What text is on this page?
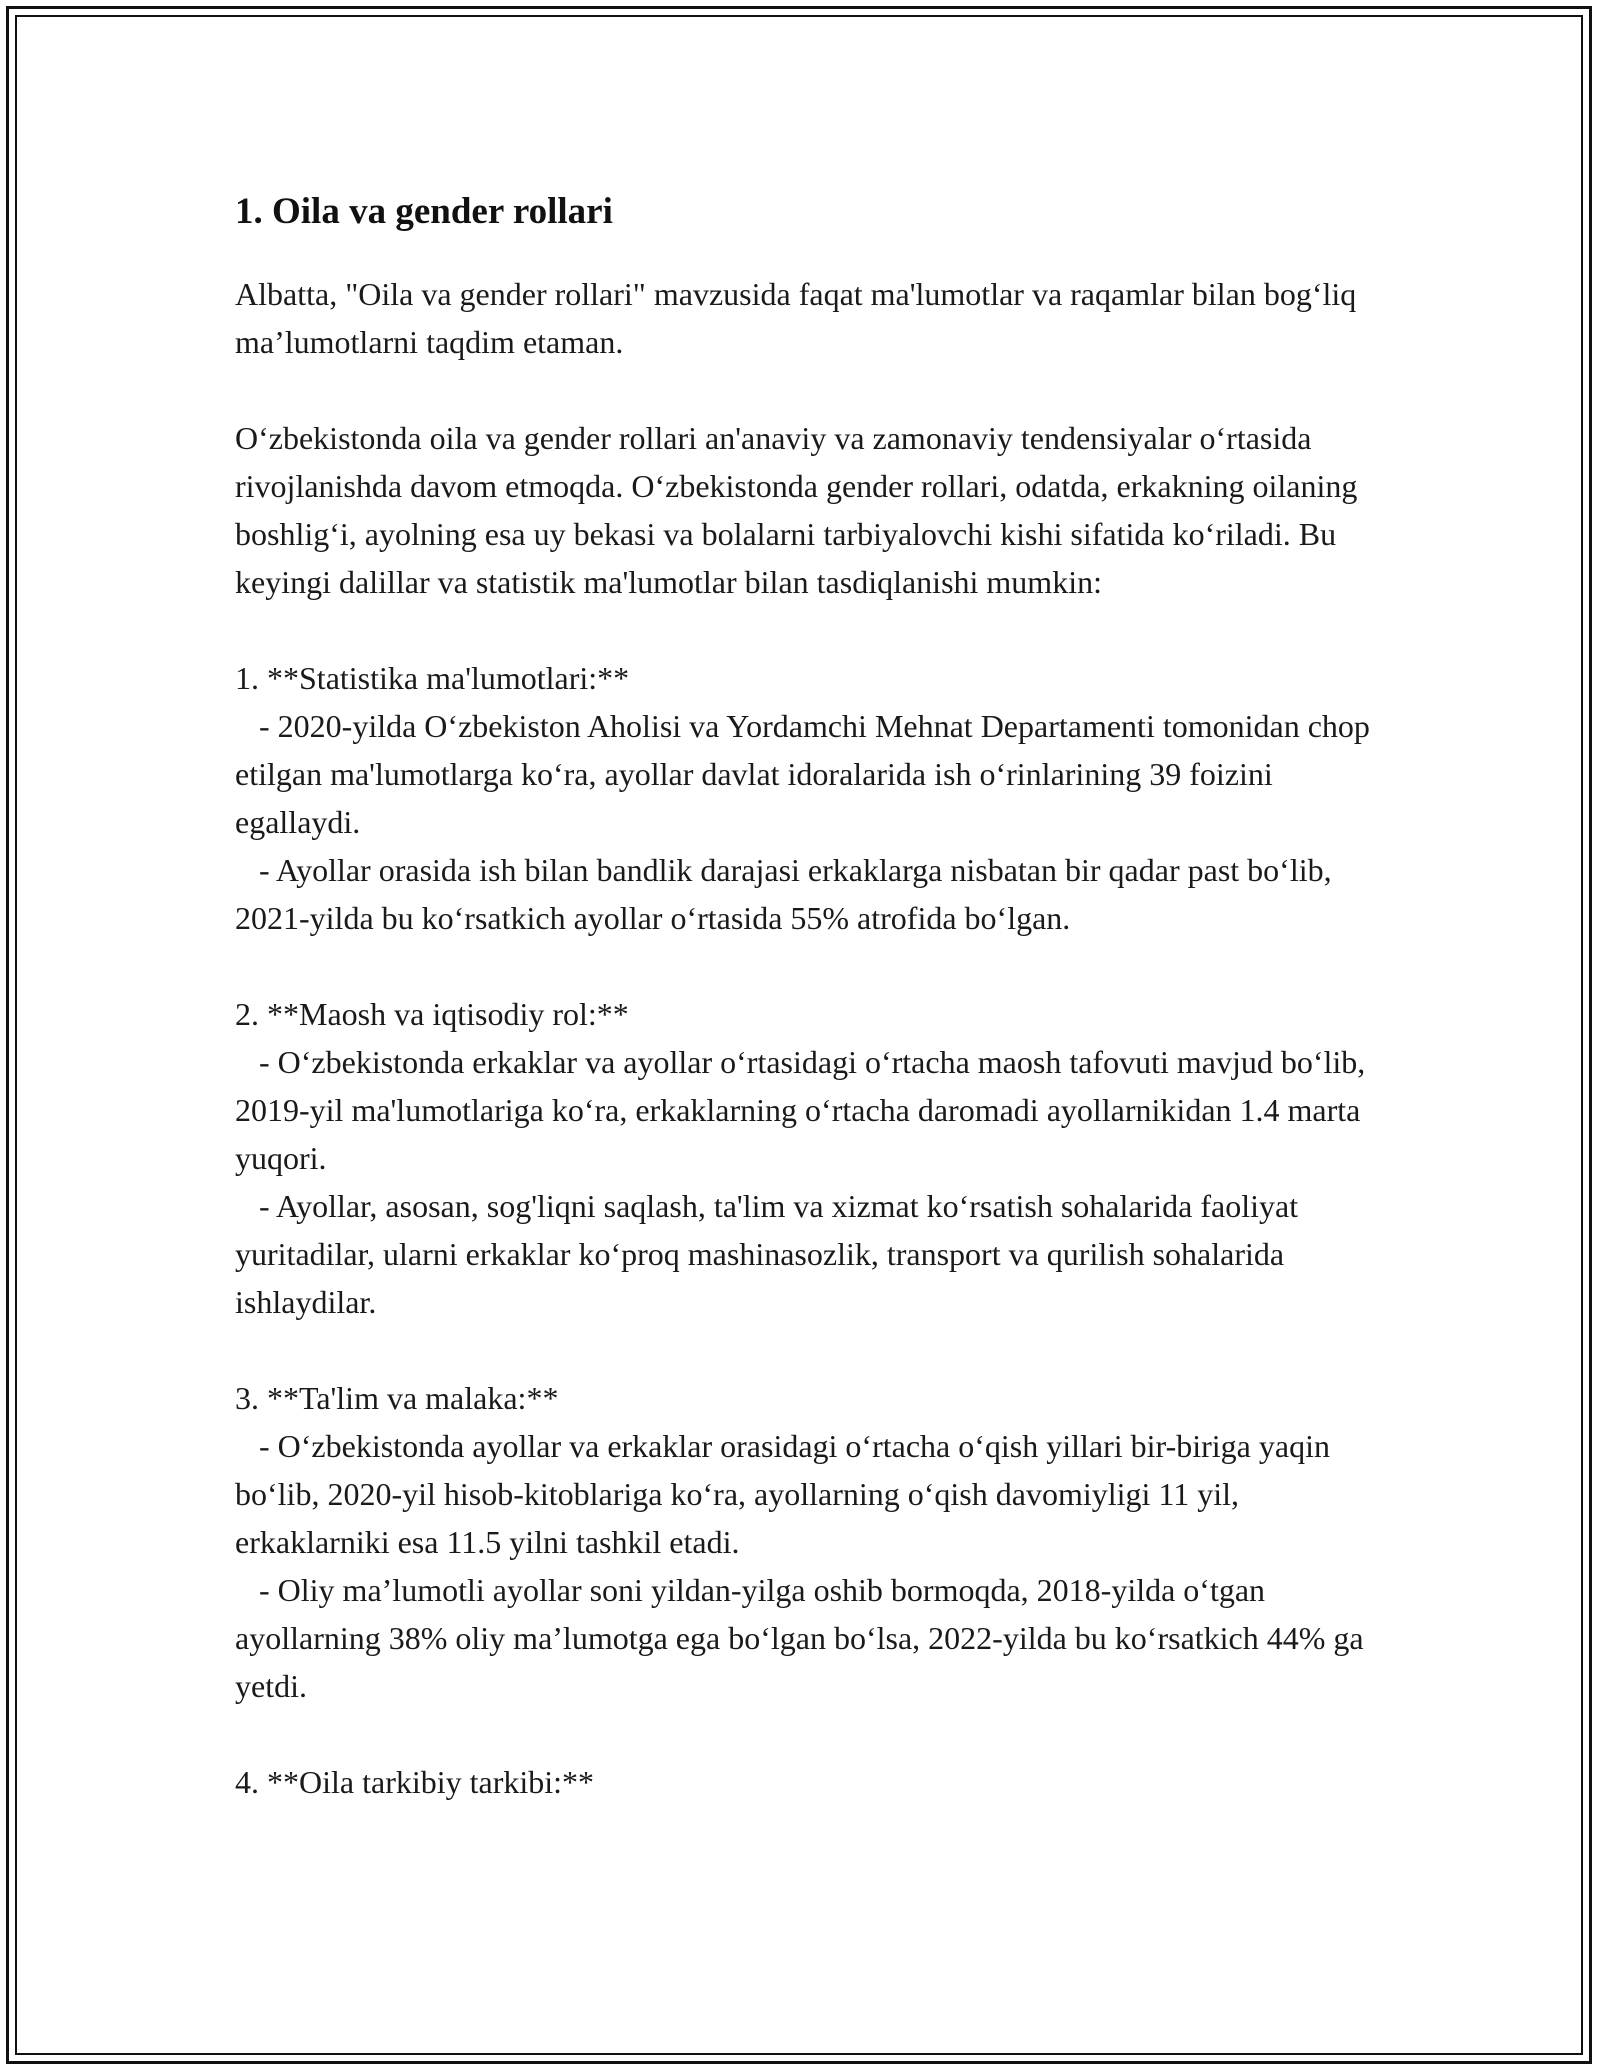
1. Oila va gender rollari

Albatta, "Oila va gender rollari" mavzusida faqat ma'lumotlar va raqamlar bilan bog‘liq ma’lumotlarni taqdim etaman.

O‘zbekistonda oila va gender rollari an'anaviy va zamonaviy tendensiyalar o‘rtasida rivojlanishda davom etmoqda. O‘zbekistonda gender rollari, odatda, erkakning oilaning boshlig‘i, ayolning esa uy bekasi va bolalarni tarbiyalovchi kishi sifatida ko‘riladi. Bu keyingi dalillar va statistik ma'lumotlar bilan tasdiqlanishi mumkin:

1. **Statistika ma'lumotlari:**
- 2020-yilda O‘zbekiston Aholisi va Yordamchi Mehnat Departamenti tomonidan chop etilgan ma'lumotlarga ko‘ra, ayollar davlat idoralarida ish o‘rinlarining 39 foizini egallaydi.
- Ayollar orasida ish bilan bandlik darajasi erkaklarga nisbatan bir qadar past bo‘lib, 2021-yilda bu ko‘rsatkich ayollar o‘rtasida 55% atrofida bo‘lgan.
2. **Maosh va iqtisodiy rol:**
- O‘zbekistonda erkaklar va ayollar o‘rtasidagi o‘rtacha maosh tafovuti mavjud bo‘lib, 2019-yil ma'lumotlariga ko‘ra, erkaklarning o‘rtacha daromadi ayollarnikidan 1.4 marta yuqori.
- Ayollar, asosan, sog'liqni saqlash, ta'lim va xizmat ko‘rsatish sohalarida faoliyat yuritadilar, ularni erkaklar ko‘proq mashinasozlik, transport va qurilish sohalarida ishlaydilar.
3. **Ta'lim va malaka:**
- O‘zbekistonda ayollar va erkaklar orasidagi o‘rtacha o‘qish yillari bir-biriga yaqin bo‘lib, 2020-yil hisob-kitoblariga ko‘ra, ayollarning o‘qish davomiyligi 11 yil, erkaklarniki esa 11.5 yilni tashkil etadi.
- Oliy ma’lumotli ayollar soni yildan-yilga oshib bormoqda, 2018-yilda o‘tgan ayollarning 38% oliy ma’lumotga ega bo‘lgan bo‘lsa, 2022-yilda bu ko‘rsatkich 44% ga yetdi.
4. **Oila tarkibiy tarkibi:**
